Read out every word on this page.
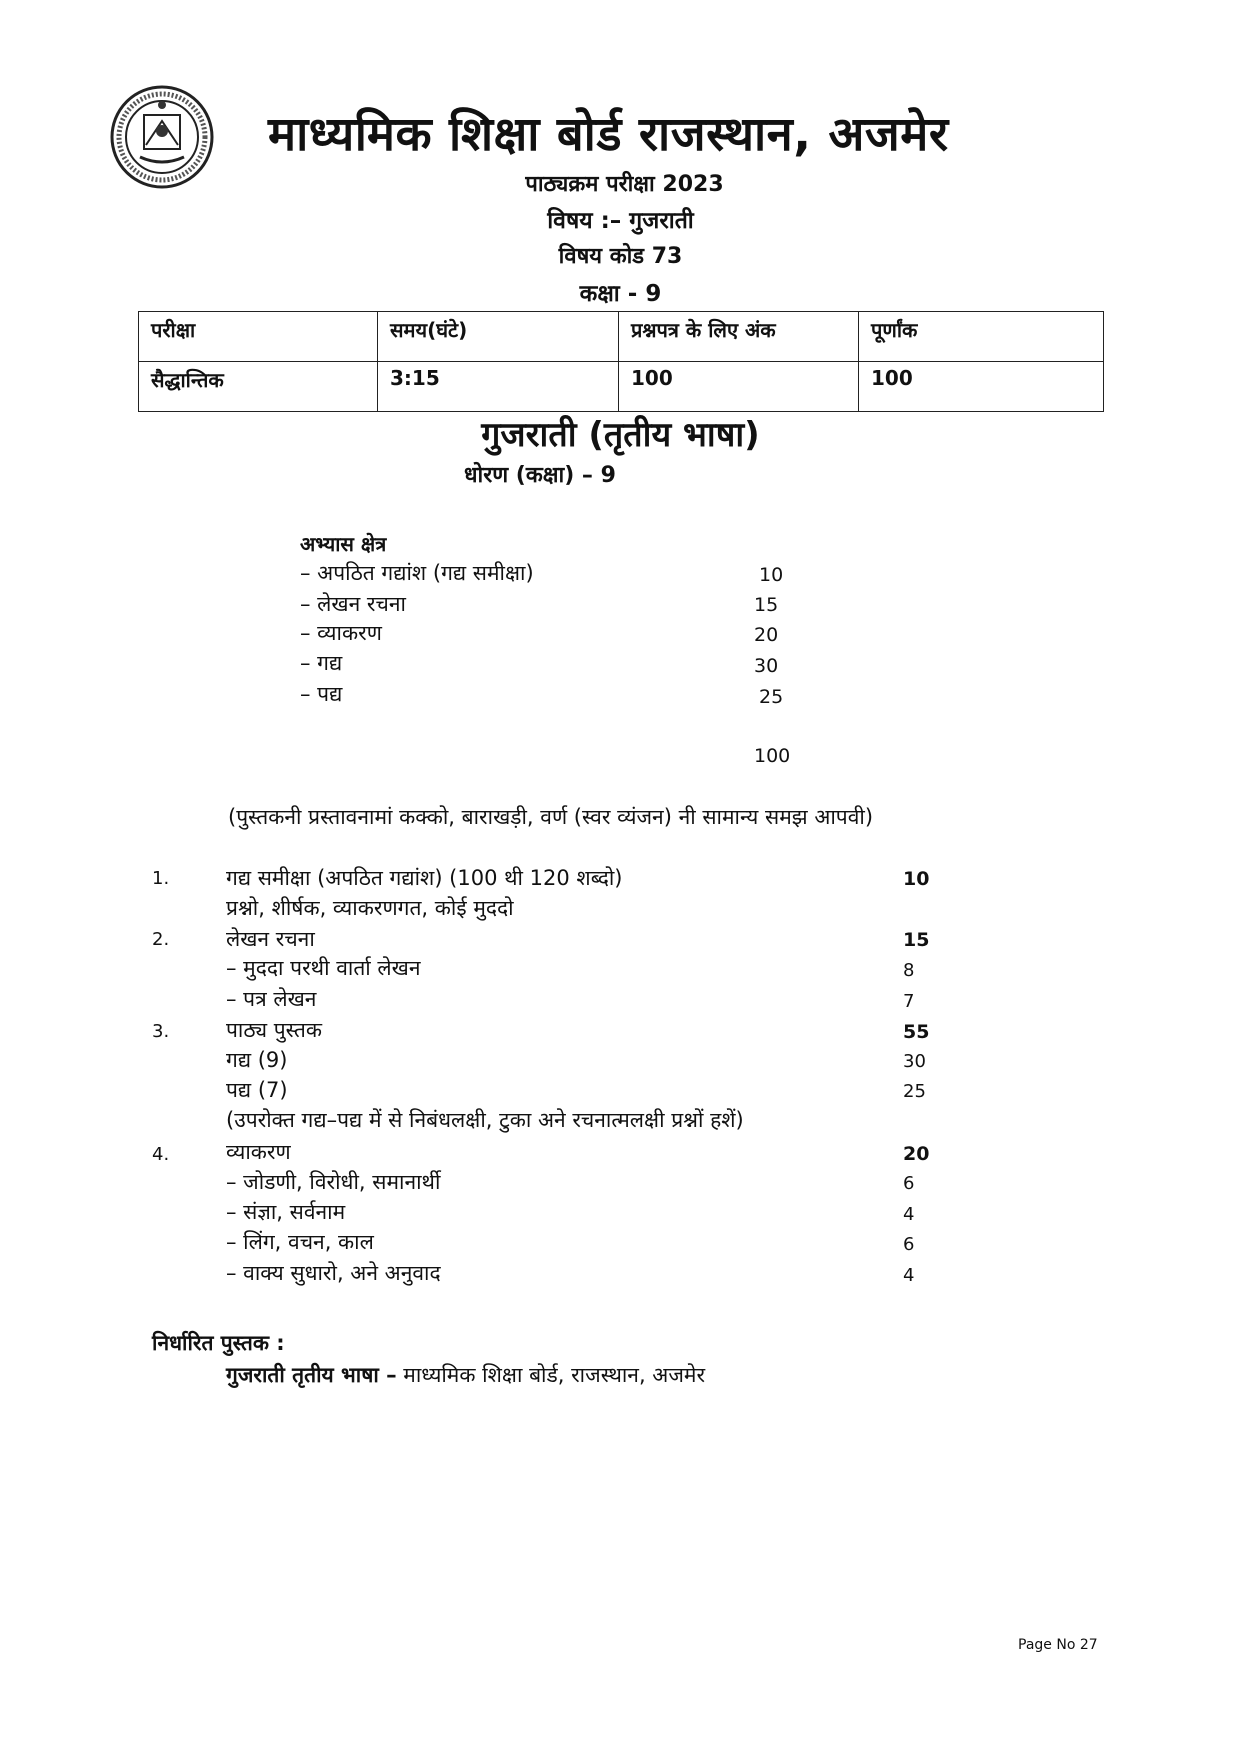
माध्यमिक शिक्षा बोर्ड राजस्थान, अजमेर
पाठ्यक्रम परीक्षा 2023
विषय :– गुजराती
विषय कोड 73
कक्षा - 9
परीक्षा	समय(घंटे)	प्रश्नपत्र के लिए अंक	पूर्णांक
सैद्धान्तिक	3:15	100	100
गुजराती (तृतीय भाषा)
धोरण (कक्षा) – 9
अभ्यास क्षेत्र
– अपठित गद्यांश (गद्य समीक्षा)	10
– लेखन रचना	15
– व्याकरण	20
– गद्य	30
– पद्य	25
100
(पुस्तकनी प्रस्तावनामां कक्को, बाराखड़ी, वर्ण (स्वर व्यंजन) नी सामान्य समझ आपवी)
1.	गद्य समीक्षा (अपठित गद्यांश) (100 थी 120 शब्दो)	10
प्रश्नो, शीर्षक, व्याकरणगत, कोई मुददो
2.	लेखन रचना	15
– मुददा परथी वार्ता लेखन	8
– पत्र लेखन	7
3.	पाठ्य पुस्तक	55
गद्य (9)	30
पद्य (7)	25
(उपरोक्त गद्य–पद्य में से निबंधलक्षी, टुका अने रचनात्मलक्षी प्रश्नों हशें)
4.	व्याकरण	20
– जोडणी, विरोधी, समानार्थी	6
– संज्ञा, सर्वनाम	4
– लिंग, वचन, काल	6
– वाक्य सुधारो, अने अनुवाद	4
निर्धारित पुस्तक :
गुजराती तृतीय भाषा – माध्यमिक शिक्षा बोर्ड, राजस्थान, अजमेर
Page No 27
